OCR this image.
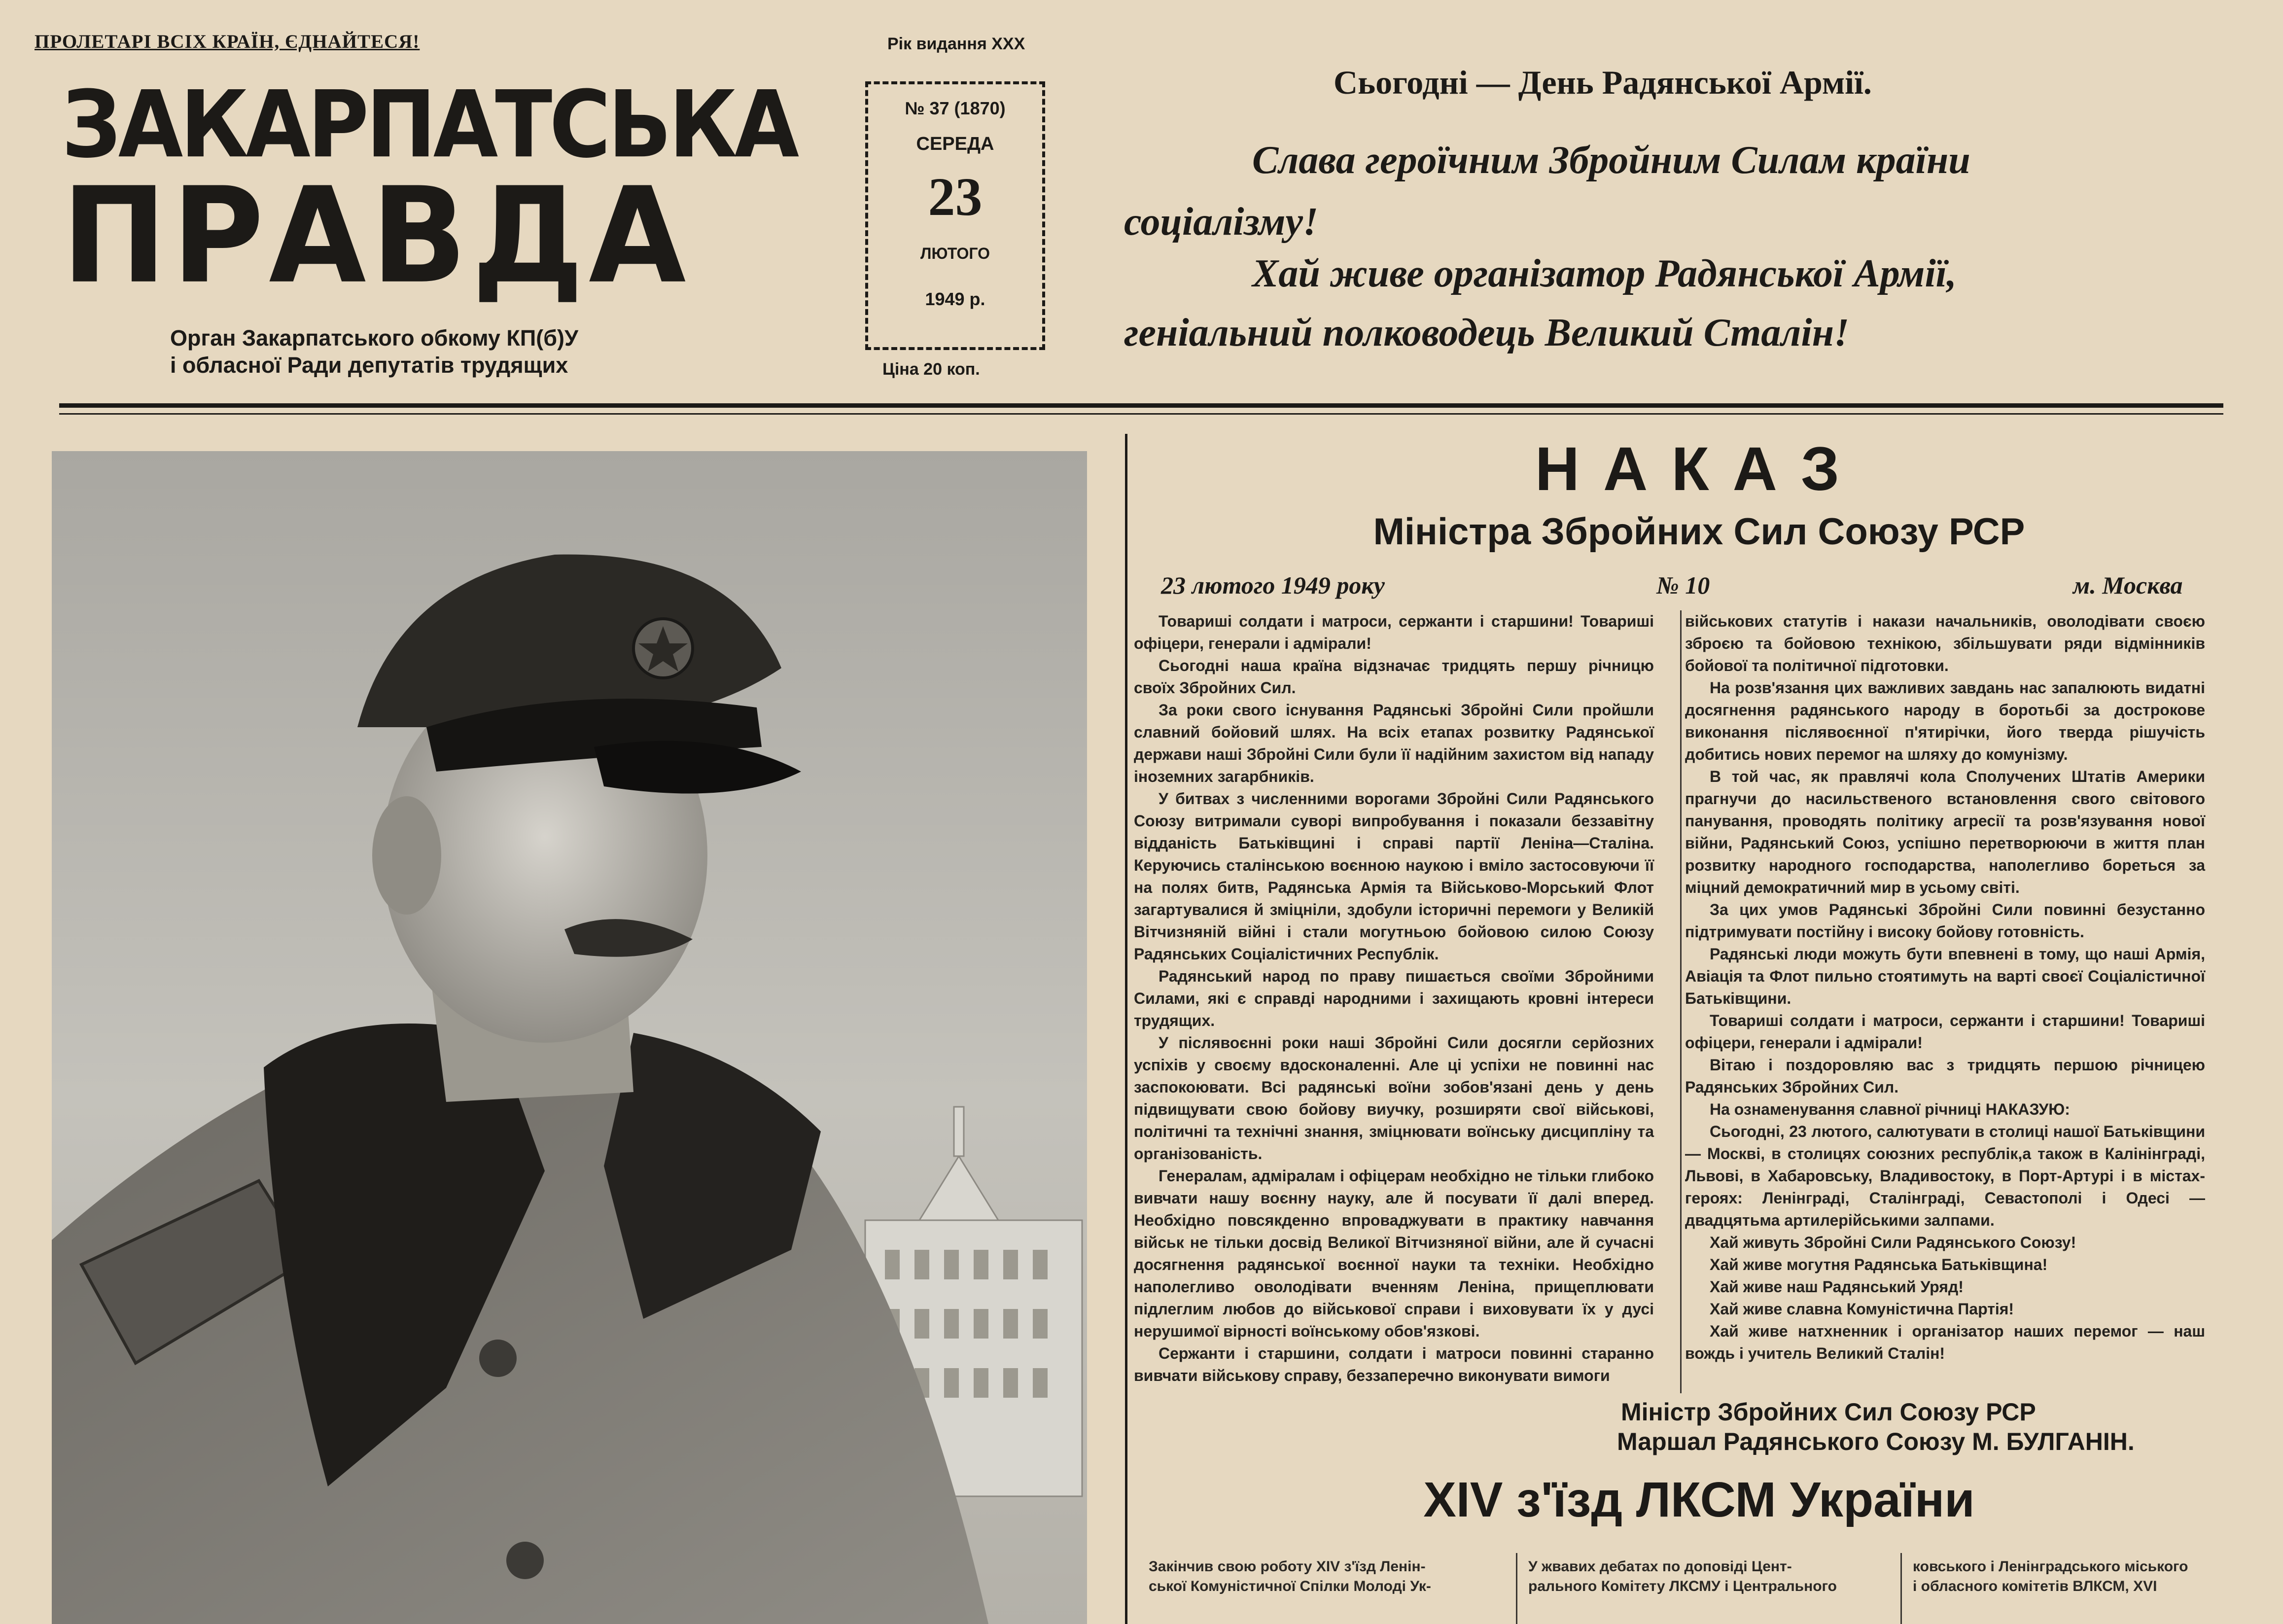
ПРОЛЕТАРІ ВСІХ КРАЇН, ЄДНАЙТЕСЯ!
ЗАКАРПАТСЬКА
ПРАВДА
Орган Закарпатського обкому КП(б)У
і обласної Ради депутатів трудящих
Рік видання XXX
№ 37 (1870)
СЕРЕДА
23
ЛЮТОГО
1949 р.
Ціна 20 коп.
Сьогодні — День Радянської Армії.
Слава героїчним Збройним Силам країни
соціалізму!
Хай живе організатор Радянської Армії,
геніальний полководець Великий Сталін!
НАКАЗ
Міністра Збройних Сил Союзу РСР
23 лютого 1949 року	№ 10	м. Москва

Товариші солдати і матроси, сержанти і старшини! Товариші офіцери, генерали і адмірали!

Сьогодні наша країна відзначає тридцять першу річницю своїх Збройних Сил.

За роки свого існування Радянські Збройні Сили пройшли славний бойовий шлях. На всіх етапах розвитку Радянської держави наші Збройні Сили були її надійним захистом від нападу іноземних загарбників.

У битвах з численними ворогами Збройні Сили Радянського Союзу витримали суворі випробування і показали беззавітну відданість Батьківщині і справі партії Леніна—Сталіна. Керуючись сталінською воєнною наукою і вміло застосовуючи її на полях битв, Радянська Армія та Військово-Морський Флот загартувалися й зміцніли, здобули історичні перемоги у Великій Вітчизняній війні і стали могутньою бойовою силою Союзу Радянських Соціалістичних Республік.

Радянський народ по праву пишається своїми Збройними Силами, які є справді народними і захищають кровні інтереси трудящих.

У післявоєнні роки наші Збройні Сили досягли серйозних успіхів у своєму вдосконаленні. Але ці успіхи не повинні нас заспокоювати. Всі радянські воїни зобов'язані день у день підвищувати свою бойову виучку, розширяти свої військові, політичні та технічні знання, зміцнювати воїнську дисципліну та організованість.

Генералам, адміралам і офіцерам необхідно не тільки глибоко вивчати нашу воєнну науку, але й посувати її далі вперед. Необхідно повсякденно впроваджувати в практику навчання військ не тільки досвід Великої Вітчизняної війни, але й сучасні досягнення радянської воєнної науки та техніки. Необхідно наполегливо оволодівати вченням Леніна, прищеплювати підлеглим любов до військової справи і виховувати їх у дусі нерушимої вірності воїнському обов'язкові.

Сержанти і старшини, солдати і матроси повинні старанно вивчати військову справу, беззаперечно виконувати вимоги

військових статутів і накази начальників, оволодівати своєю зброєю та бойовою технікою, збільшувати ряди відмінників бойової та політичної підготовки.

На розв'язання цих важливих завдань нас запалюють видатні досягнення радянського народу в боротьбі за дострокове виконання післявоєнної п'ятирічки, його тверда рішучість добитись нових перемог на шляху до комунізму.

В той час, як правлячі кола Сполучених Штатів Америки прагнучи до насильственого встановлення свого світового панування, проводять політику агресії та розв'язування нової війни, Радянський Союз, успішно перетворюючи в життя план розвитку народного господарства, наполегливо бореться за міцний демократичний мир в усьому світі.

За цих умов Радянські Збройні Сили повинні безустанно підтримувати постійну і високу бойову готовність.

Радянські люди можуть бути впевнені в тому, що наші Армія, Авіація та Флот пильно стоятимуть на варті своєї Соціалістичної Батьківщини.

Товариші солдати і матроси, сержанти і старшини! Товариші офіцери, генерали і адмірали!

Вітаю і поздоровляю вас з тридцять першою річницею Радянських Збройних Сил.

На ознаменування славної річниці НАКАЗУЮ:

Сьогодні, 23 лютого, салютувати в столиці нашої Батьківщини — Москві, в столицях союзних республік,а також в Калінінграді, Львові, в Хабаровську, Владивостоку, в Порт-Артурі і в містах-героях: Ленінграді, Сталінграді, Севастополі і Одесі — двадцятьма артилерійськими залпами.

Хай живуть Збройні Сили Радянського Союзу!

Хай живе могутня Радянська Батьківщина!

Хай живе наш Радянський Уряд!

Хай живе славна Комуністична Партія!

Хай живе натхненник і організатор наших перемог — наш вождь і учитель Великий Сталін!

Міністр Збройних Сил Союзу РСР
Маршал Радянського Союзу М. БУЛГАНІН.
XIV з'їзд ЛКСМ України
Закінчив свою роботу XIV з'їзд Ленін-
ської Комуністичної Спілки Молоді Ук-
У жвавих дебатах по доповіді Цент-
рального Комітету ЛКСМУ і Центрального
ковського і Ленінградського міського
і обласного комітетів ВЛКСМ, XVI
